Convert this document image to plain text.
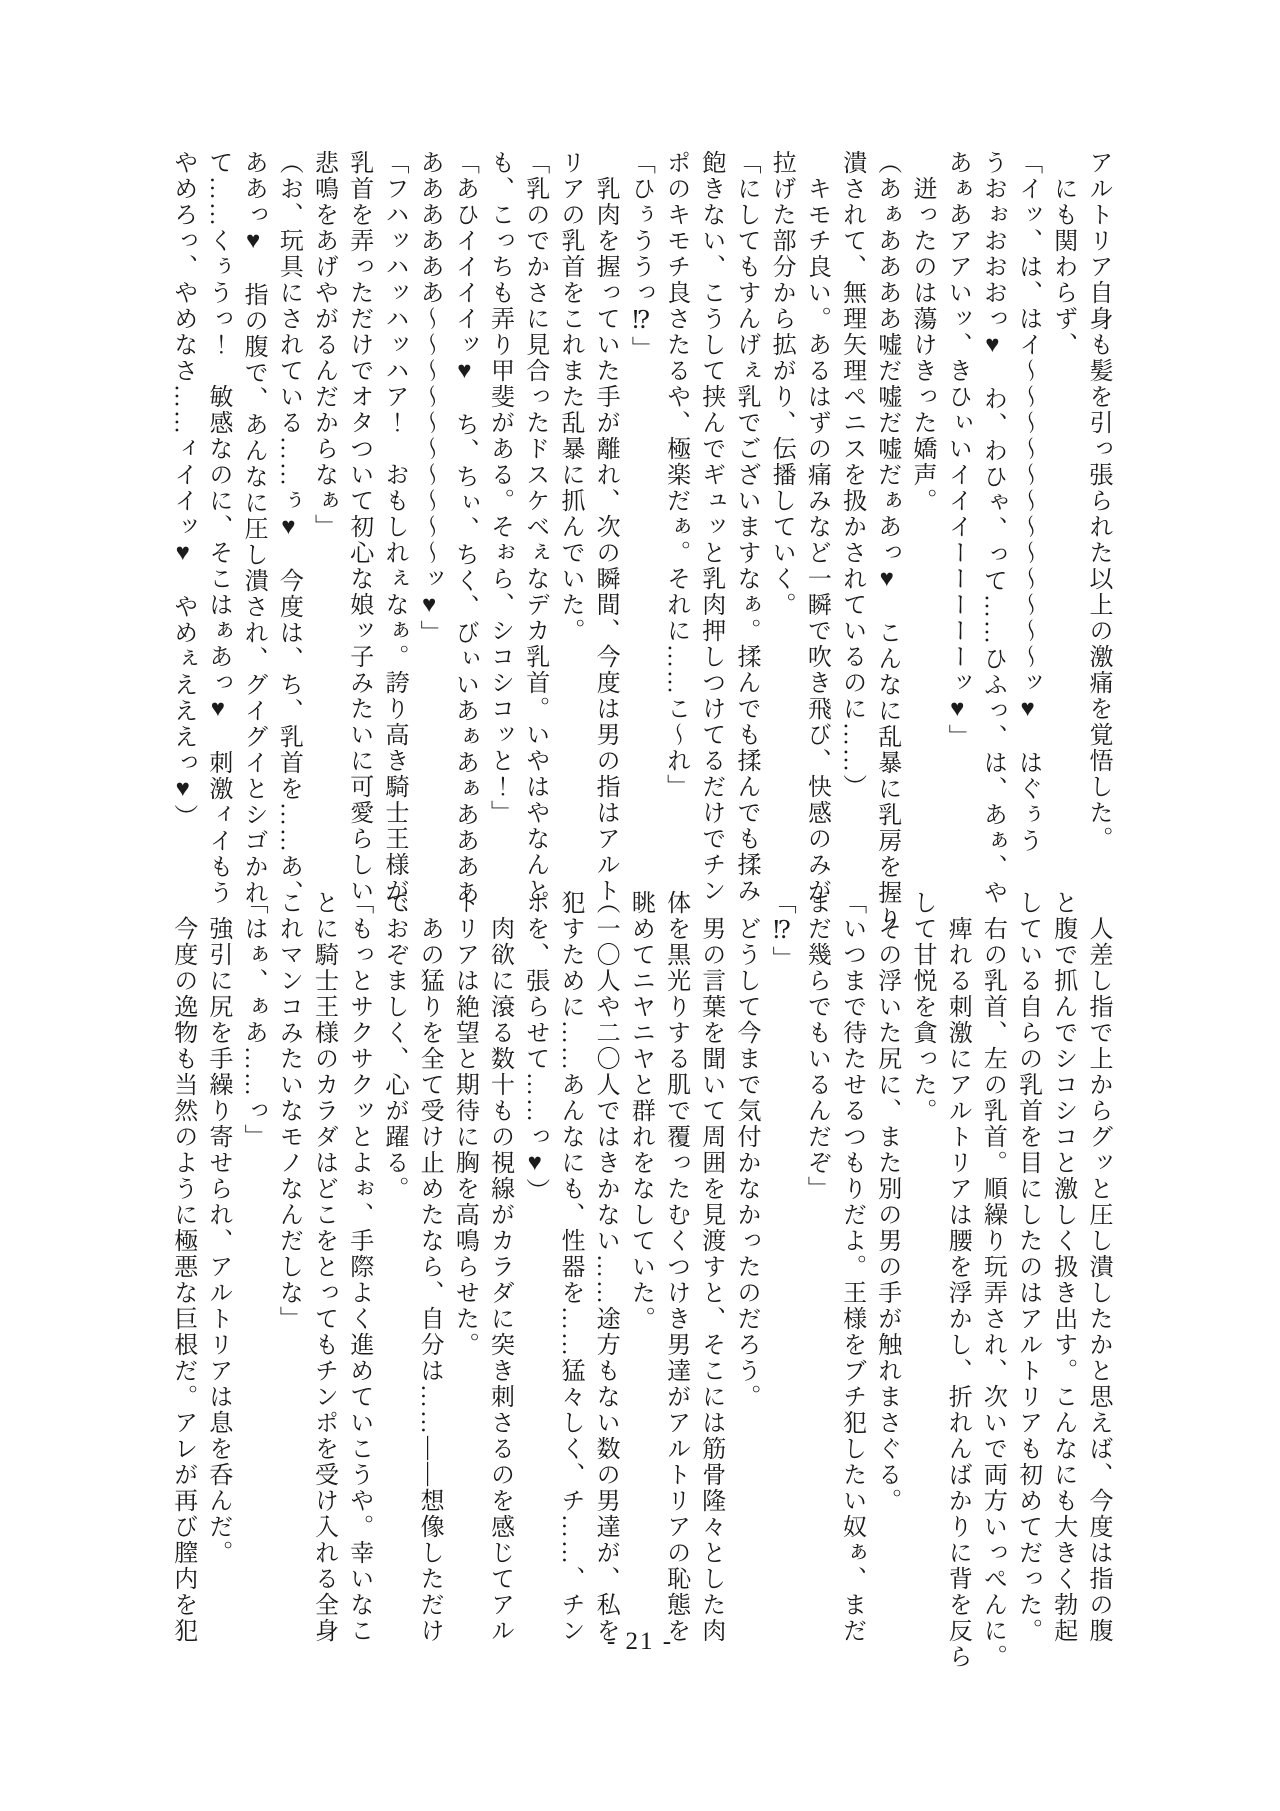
アルトリア自身も髪を引っ張られた以上の激痛を覚悟した。

にも関わらず、

「イッ、は、はイ～～～～～～～～～～～～ッ♥　はぐぅう

うおぉおおおっ♥　わ、わひゃ、って……ひふっ、は、あぁ、や

あぁあアアいッ、きひぃいイイイーーーーーッ♥」

迸ったのは蕩けきった嬌声。

（あぁああああ嘘だ嘘だ嘘だぁあっ♥　こんなに乱暴に乳房を握り

潰されて、無理矢理ペニスを扱かされているのに……）

キモチ良い。あるはずの痛みなど一瞬で吹き飛び、快感のみが

拉げた部分から拡がり、伝播していく。

「にしてもすんげぇ乳でございますなぁ。揉んでも揉んでも揉み

飽きない、こうして挟んでギュッと乳肉押しつけてるだけでチン

ポのキモチ良さたるや、極楽だぁ。それに……こ～れ」

「ひぅううっ⁉」

乳肉を握っていた手が離れ、次の瞬間、今度は男の指はアルト

リアの乳首をこれまた乱暴に抓んでいた。

「乳のでかさに見合ったドスケベぇなデカ乳首。いやはやなんと

も、こっちも弄り甲斐がある。そぉら、シコシコッと！」

「あひイイイイッ♥　ち、ちぃ、ちく、びぃいあぁあぁああああ

ああああああ～～～～～～～～～～ッ♥」

「フハッハッハッハア！　おもしれぇなぁ。誇り高き騎士王様が、

乳首を弄っただけでオタついて初心な娘ッ子みたいに可愛らしい

悲鳴をあげやがるんだからなぁ」

（お、玩具にされている……ぅ♥　今度は、ち、乳首を……あ、

ああっ♥　指の腹で、あんなに圧し潰され、グイグイとシゴかれ

て……くぅうっ！　敏感なのに、そこはぁあっ♥　刺激ィイもう

やめろっ、やめなさ……ィイイッ♥　やめぇえええっ♥）

人差し指で上からグッと圧し潰したかと思えば、今度は指の腹

と腹で抓んでシコシコと激しく扱き出す。こんなにも大きく勃起

している自らの乳首を目にしたのはアルトリアも初めてだった。

右の乳首、左の乳首。順繰り玩弄され、次いで両方いっぺんに。

痺れる刺激にアルトリアは腰を浮かし、折れんばかりに背を反ら

して甘悦を貪った。

その浮いた尻に、また別の男の手が触れまさぐる。

「いつまで待たせるつもりだよ。王様をブチ犯したい奴ぁ、まだ

まだ幾らでもいるんだぞ」

「⁉」

どうして今まで気付かなかったのだろう。

男の言葉を聞いて周囲を見渡すと、そこには筋骨隆々とした肉

体を黒光りする肌で覆ったむくつけき男達がアルトリアの恥態を

眺めてニヤニヤと群れをなしていた。

（一〇人や二〇人ではきかない……途方もない数の男達が、私を

犯すために……あんなにも、性器を……猛々しく、チ……、チン

ポを、張らせて……っ♥）

肉欲に滾る数十もの視線がカラダに突き刺さるのを感じてアル

トリアは絶望と期待に胸を高鳴らせた。

あの猛りを全て受け止めたなら、自分は……――想像しただけ

でおぞましく、心が躍る。

「もっとサクサクッとよぉ、手際よく進めていこうや。幸いなこ

とに騎士王様のカラダはどこをとってもチンポを受け入れる全身

これマンコみたいなモノなんだしな」

「はぁ、ぁあ……っ」

強引に尻を手繰り寄せられ、アルトリアは息を呑んだ。

今度の逸物も当然のように極悪な巨根だ。アレが再び膣内を犯	- 21 -
